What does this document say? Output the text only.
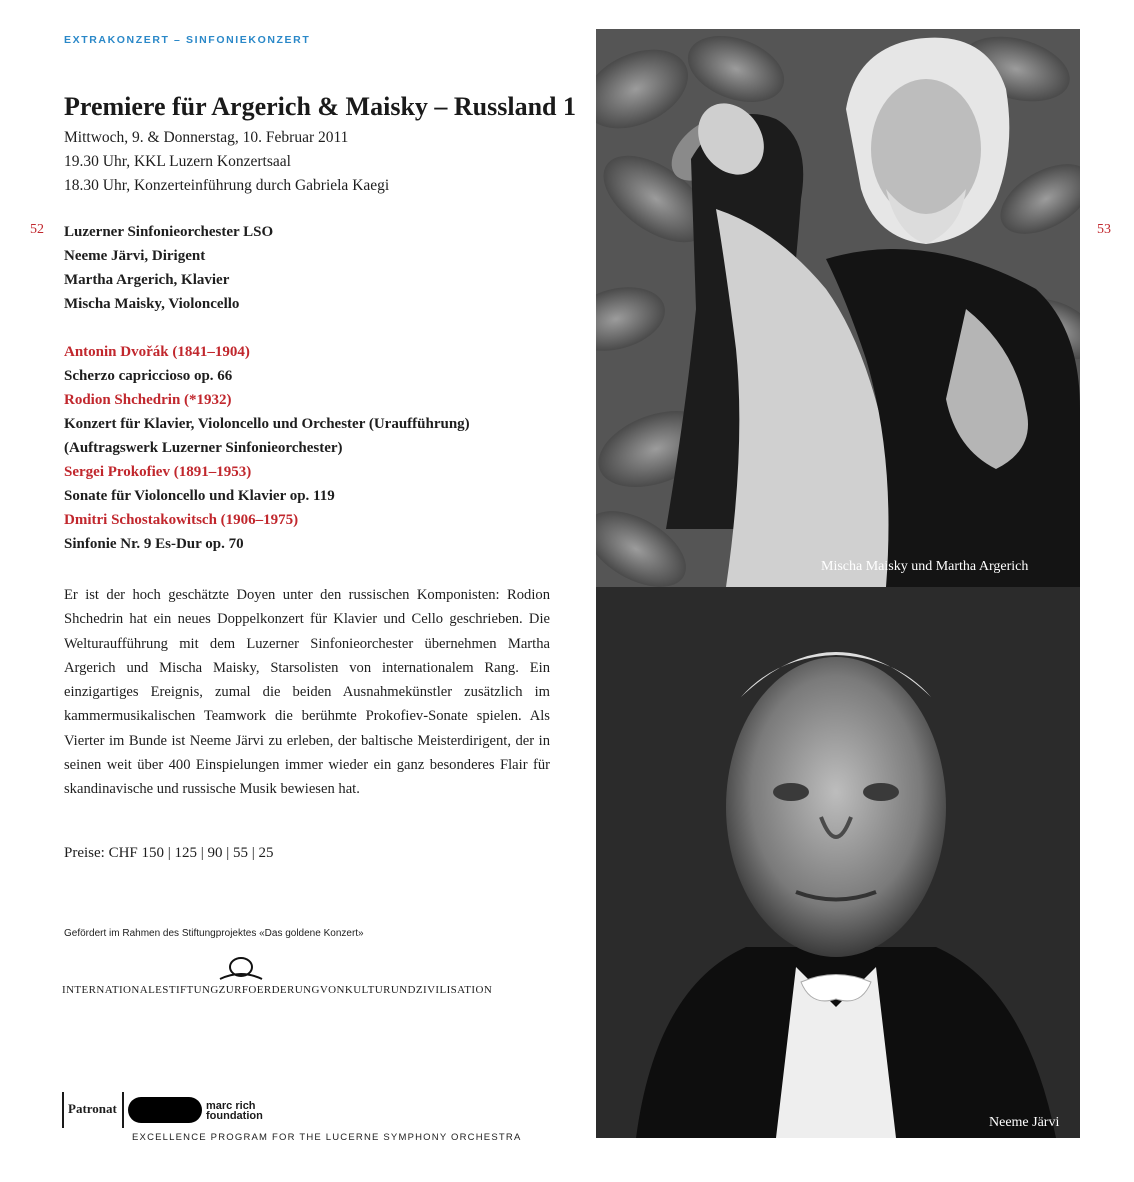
EXTRAKONZERT – SINFONIEKONZERT
Premiere für Argerich & Maisky – Russland 1
Mittwoch, 9. & Donnerstag, 10. Februar 2011
19.30 Uhr, KKL Luzern Konzertsaal
18.30 Uhr, Konzerteinführung durch Gabriela Kaegi
52	53
Luzerner Sinfonieorchester LSO
Neeme Järvi, Dirigent
Martha Argerich, Klavier
Mischa Maisky, Violoncello
Antonin Dvořák (1841–1904)
Scherzo capriccioso op. 66
Rodion Shchedrin (*1932)
Konzert für Klavier, Violoncello und Orchester (Uraufführung)
(Auftragswerk Luzerner Sinfonieorchester)
Sergei Prokofiev (1891–1953)
Sonate für Violoncello und Klavier op. 119
Dmitri Schostakowitsch (1906–1975)
Sinfonie Nr. 9 Es-Dur op. 70

Er ist der hoch geschätzte Doyen unter den russischen Komponisten: Rodion Shchedrin hat ein neues Doppelkonzert für Klavier und Cello geschrieben. Die Welturaufführung mit dem Luzerner Sinfonieorchester übernehmen Martha Argerich und Mischa Maisky, Starsolisten von internationalem Rang. Ein einzigartiges Ereignis, zumal die beiden Ausnahmekünstler zusätzlich im kammermusikalischen Teamwork die berühmte Prokofiev-Sonate spielen. Als Vierter im Bunde ist Neeme Järvi zu erleben, der baltische Meisterdirigent, der in seinen weit über 400 Einspielungen immer wieder ein ganz besonderes Flair für skandinavische und russische Musik bewiesen hat.

Preise: CHF 150 | 125 | 90 | 55 | 25
Gefördert im Rahmen des Stiftungprojektes «Das goldene Konzert»
INTERNATIONALESTIFTUNGZURFOERDERUNGVONKULTURUNDZIVILISATION
Patronat	marc rich
foundation
EXCELLENCE PROGRAM FOR THE LUCERNE SYMPHONY ORCHESTRA
Mischa Maisky und Martha Argerich
Neeme Järvi
